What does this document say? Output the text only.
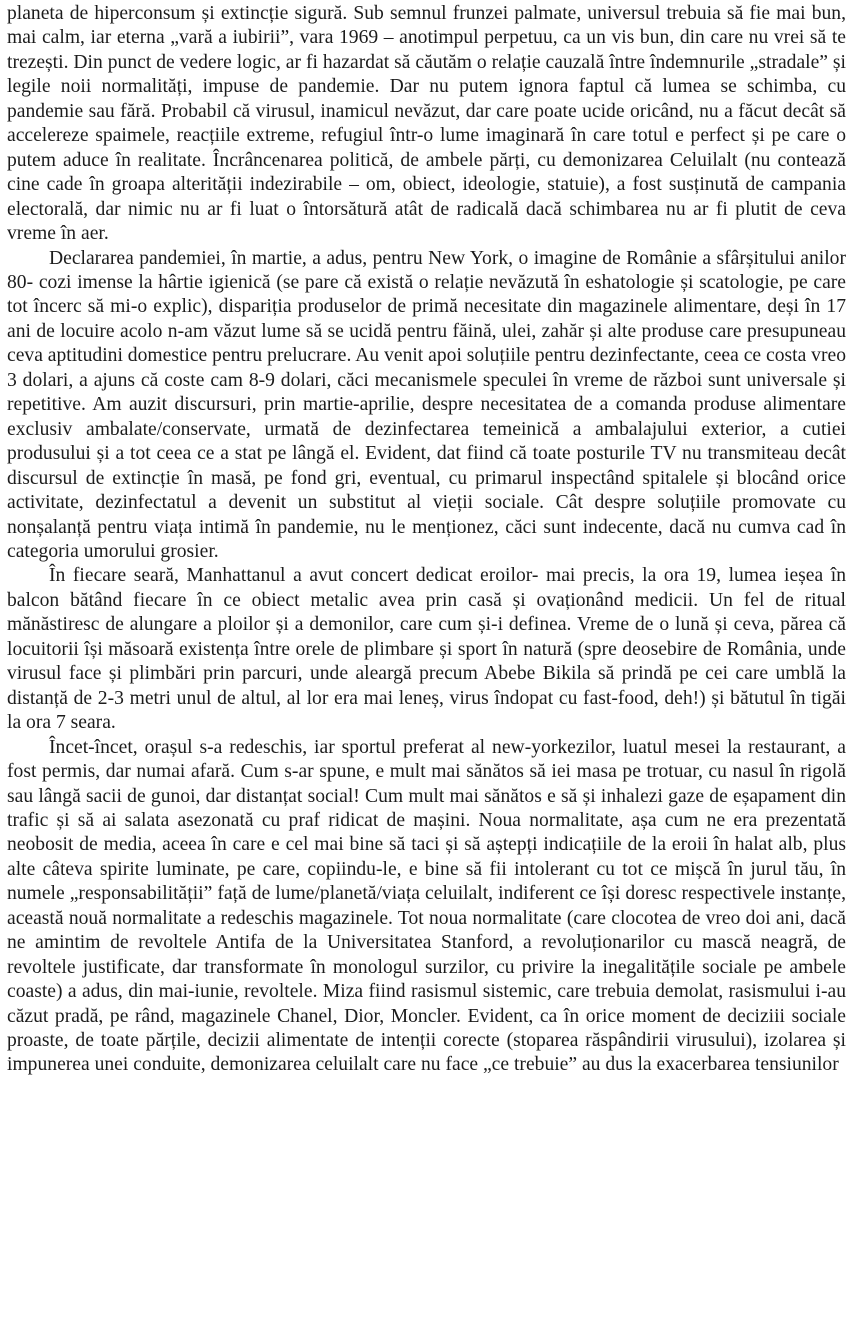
planeta de hiperconsum și extincție sigură. Sub semnul frunzei palmate, universul trebuia să fie mai bun, mai calm, iar eterna „vară a iubirii”, vara 1969 – anotimpul perpetuu, ca un vis bun, din care nu vrei să te trezești. Din punct de vedere logic, ar fi hazardat să căutăm o relație cauzală între îndemnurile „stradale” și legile noii normalități, impuse de pandemie. Dar nu putem ignora faptul că lumea se schimba, cu pandemie sau fără. Probabil că virusul, inamicul nevăzut, dar care poate ucide oricând, nu a făcut decât să accelereze spaimele, reacțiile extreme, refugiul într-o lume imaginară în care totul e perfect și pe care o putem aduce în realitate. Încrâncenarea politică, de ambele părți, cu demonizarea Celuilalt (nu contează cine cade în groapa alterității indezirabile – om, obiect, ideologie, statuie), a fost susținută de campania electorală, dar nimic nu ar fi luat o întorsătură atât de radicală dacă schimbarea nu ar fi plutit de ceva vreme în aer.

Declararea pandemiei, în martie, a adus, pentru New York, o imagine de Românie a sfârșitului anilor 80- cozi imense la hârtie igienică (se pare că există o relație nevăzută în eshatologie și scatologie, pe care tot încerc să mi-o explic), dispariția produselor de primă necesitate din magazinele alimentare, deși în 17 ani de locuire acolo n-am văzut lume să se ucidă pentru făină, ulei, zahăr și alte produse care presupuneau ceva aptitudini domestice pentru prelucrare. Au venit apoi soluțiile pentru dezinfectante, ceea ce costa vreo 3 dolari, a ajuns că coste cam 8-9 dolari, căci mecanismele speculei în vreme de război sunt universale și repetitive. Am auzit discursuri, prin martie-aprilie, despre necesitatea de a comanda produse alimentare exclusiv ambalate/conservate, urmată de dezinfectarea temeinică a ambalajului exterior, a cutiei produsului și a tot ceea ce a stat pe lângă el. Evident, dat fiind că toate posturile TV nu transmiteau decât discursul de extincție în masă, pe fond gri, eventual, cu primarul inspectând spitalele și blocând orice activitate, dezinfectatul a devenit un substitut al vieții sociale. Cât despre soluțiile promovate cu nonșalanță pentru viața intimă în pandemie, nu le menționez, căci sunt indecente, dacă nu cumva cad în categoria umorului grosier.

În fiecare seară, Manhattanul a avut concert dedicat eroilor- mai precis, la ora 19, lumea ieșea în balcon bătând fiecare în ce obiect metalic avea prin casă și ovaționând medicii. Un fel de ritual mănăstiresc de alungare a ploilor și a demonilor, care cum și-i definea. Vreme de o lună și ceva, părea că locuitorii își măsoară existența între orele de plimbare și sport în natură (spre deosebire de România, unde virusul face și plimbări prin parcuri, unde aleargă precum Abebe Bikila să prindă pe cei care umblă la distanță de 2-3 metri unul de altul, al lor era mai leneș, virus îndopat cu fast-food, deh!) și bătutul în tigăi la ora 7 seara.

Încet-încet, orașul s-a redeschis, iar sportul preferat al new-yorkezilor, luatul mesei la restaurant, a fost permis, dar numai afară. Cum s-ar spune, e mult mai sănătos să iei masa pe trotuar, cu nasul în rigolă sau lângă sacii de gunoi, dar distanțat social! Cum mult mai sănătos e să și inhalezi gaze de eșapament din trafic și să ai salata asezonată cu praf ridicat de mașini. Noua normalitate, așa cum ne era prezentată neobosit de media, aceea în care e cel mai bine să taci și să aștepți indicațiile de la eroii în halat alb, plus alte câteva spirite luminate, pe care, copiindu-le, e bine să fii intolerant cu tot ce mișcă în jurul tău, în numele „responsabilității” față de lume/planetă/viața celuilalt, indiferent ce își doresc respectivele instanțe, această nouă normalitate a redeschis magazinele. Tot noua normalitate (care clocotea de vreo doi ani, dacă ne amintim de revoltele Antifa de la Universitatea Stanford, a revoluționarilor cu mască neagră, de revoltele justificate, dar transformate în monologul surzilor, cu privire la inegalitățile sociale pe ambele coaste) a adus, din mai-iunie, revoltele. Miza fiind rasismul sistemic, care trebuia demolat, rasismului i-au căzut pradă, pe rând, magazinele Chanel, Dior, Moncler. Evident, ca în orice moment de deciziii sociale proaste, de toate părțile, decizii alimentate de intenții corecte (stoparea răspândirii virusului), izolarea și impunerea unei conduite, demonizarea celuilalt care nu face „ce trebuie” au dus la exacerbarea tensiunilor
